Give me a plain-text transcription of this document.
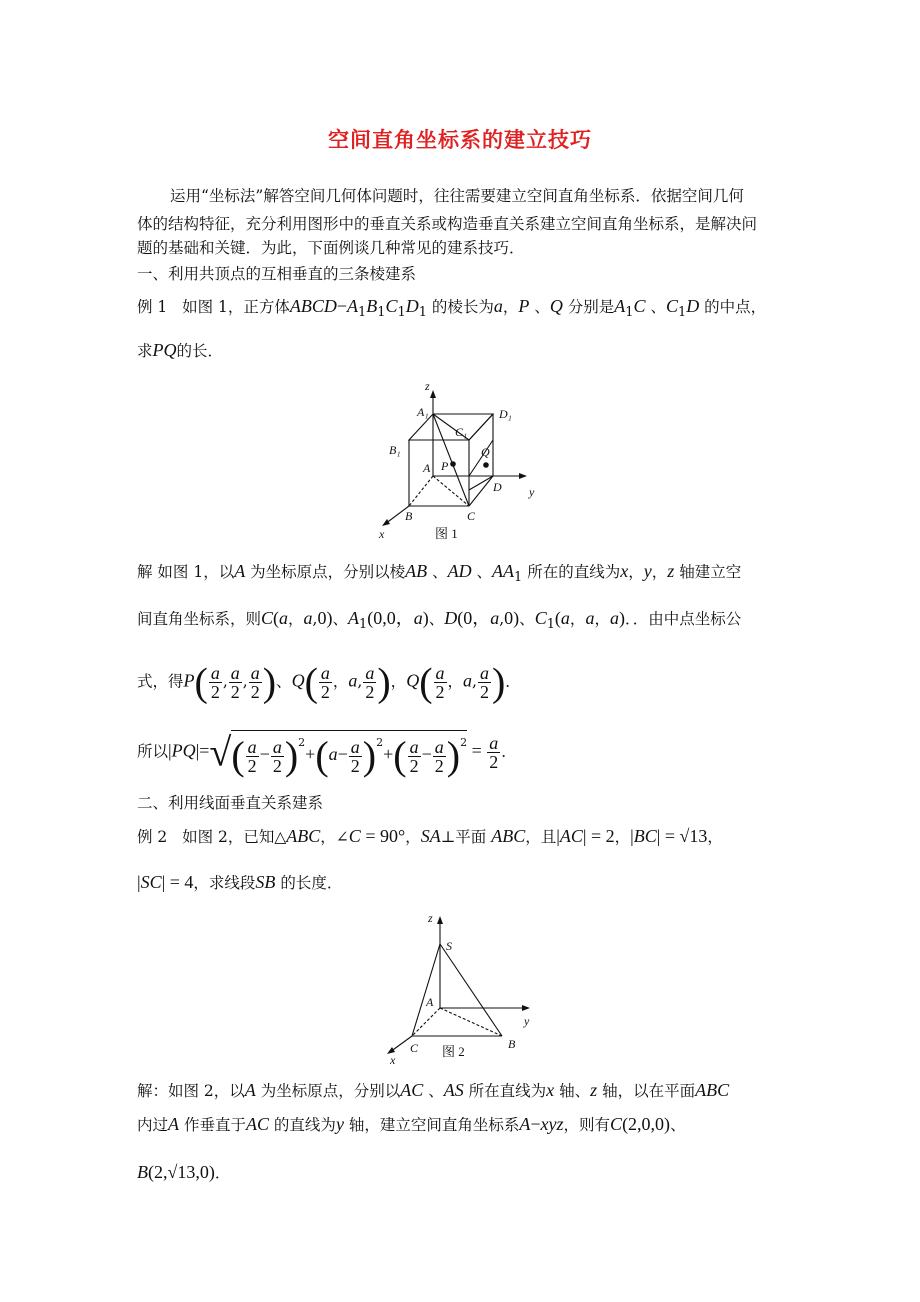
空间直角坐标系的建立技巧
运用“坐标法”解答空间几何体问题时，往往需要建立空间直角坐标系．依据空间几何
体的结构特征，充分利用图形中的垂直关系或构造垂直关系建立空间直角坐标系，是解决问
题的基础和关键．为此，下面例谈几种常见的建系技巧．
一、利用共顶点的互相垂直的三条棱建系
例 1 如图 1，正方体$ABCD-A_1B_1C_1D_1$ 的棱长为a，P 、Q 分别是$A_1C$ 、$C_1D$ 的中点，
求PQ的长．
z
A₁	D₁
B₁
C₁
A P
Q
D y
B	C
x	图 1
解 如图 1，以A 为坐标原点，分别以棱AB 、AD 、$AA_1$ 所在的直线为x，y，z 轴建立空
间直角坐标系，则C(a，a,0)、$A_1(0,0$，a)、D(0，a,0)、$C_1(a$，a，a)．．由中点坐标公
式，得$P( \frac{a}{2}$ , $\frac{a}{2}$ , $\frac{a}{2}$ )、$Q( \frac{a}{2}$ ，a, $\frac{a}{2}$ )，$Q( \frac{a}{2}$ ，a, $\frac{a}{2}$ )．
所以$|PQ|=√( \frac{a}{2} - \frac{a}{2} )^2+(a- \frac{a}{2} )^2+( \frac{a}{2} - \frac{a}{2} )^2 = \frac{a}{2}$ ．
二、利用线面垂直关系建系
例 2 如图 2，已知△ABC，∠C = 90°，SA⊥平面 ABC，且|AC| = 2，|BC| = √13，
|SC| = 4，求线段SB 的长度．
z
S
A
y
B
C
x
图 2
解：如图 2，以A 为坐标原点，分别以AC 、AS 所在直线为x 轴、z 轴，以在平面ABC
内过A 作垂直于AC 的直线为y 轴，建立空间直角坐标系A−xyz，则有C(2,0,0)、
B(2,√13,0)．
